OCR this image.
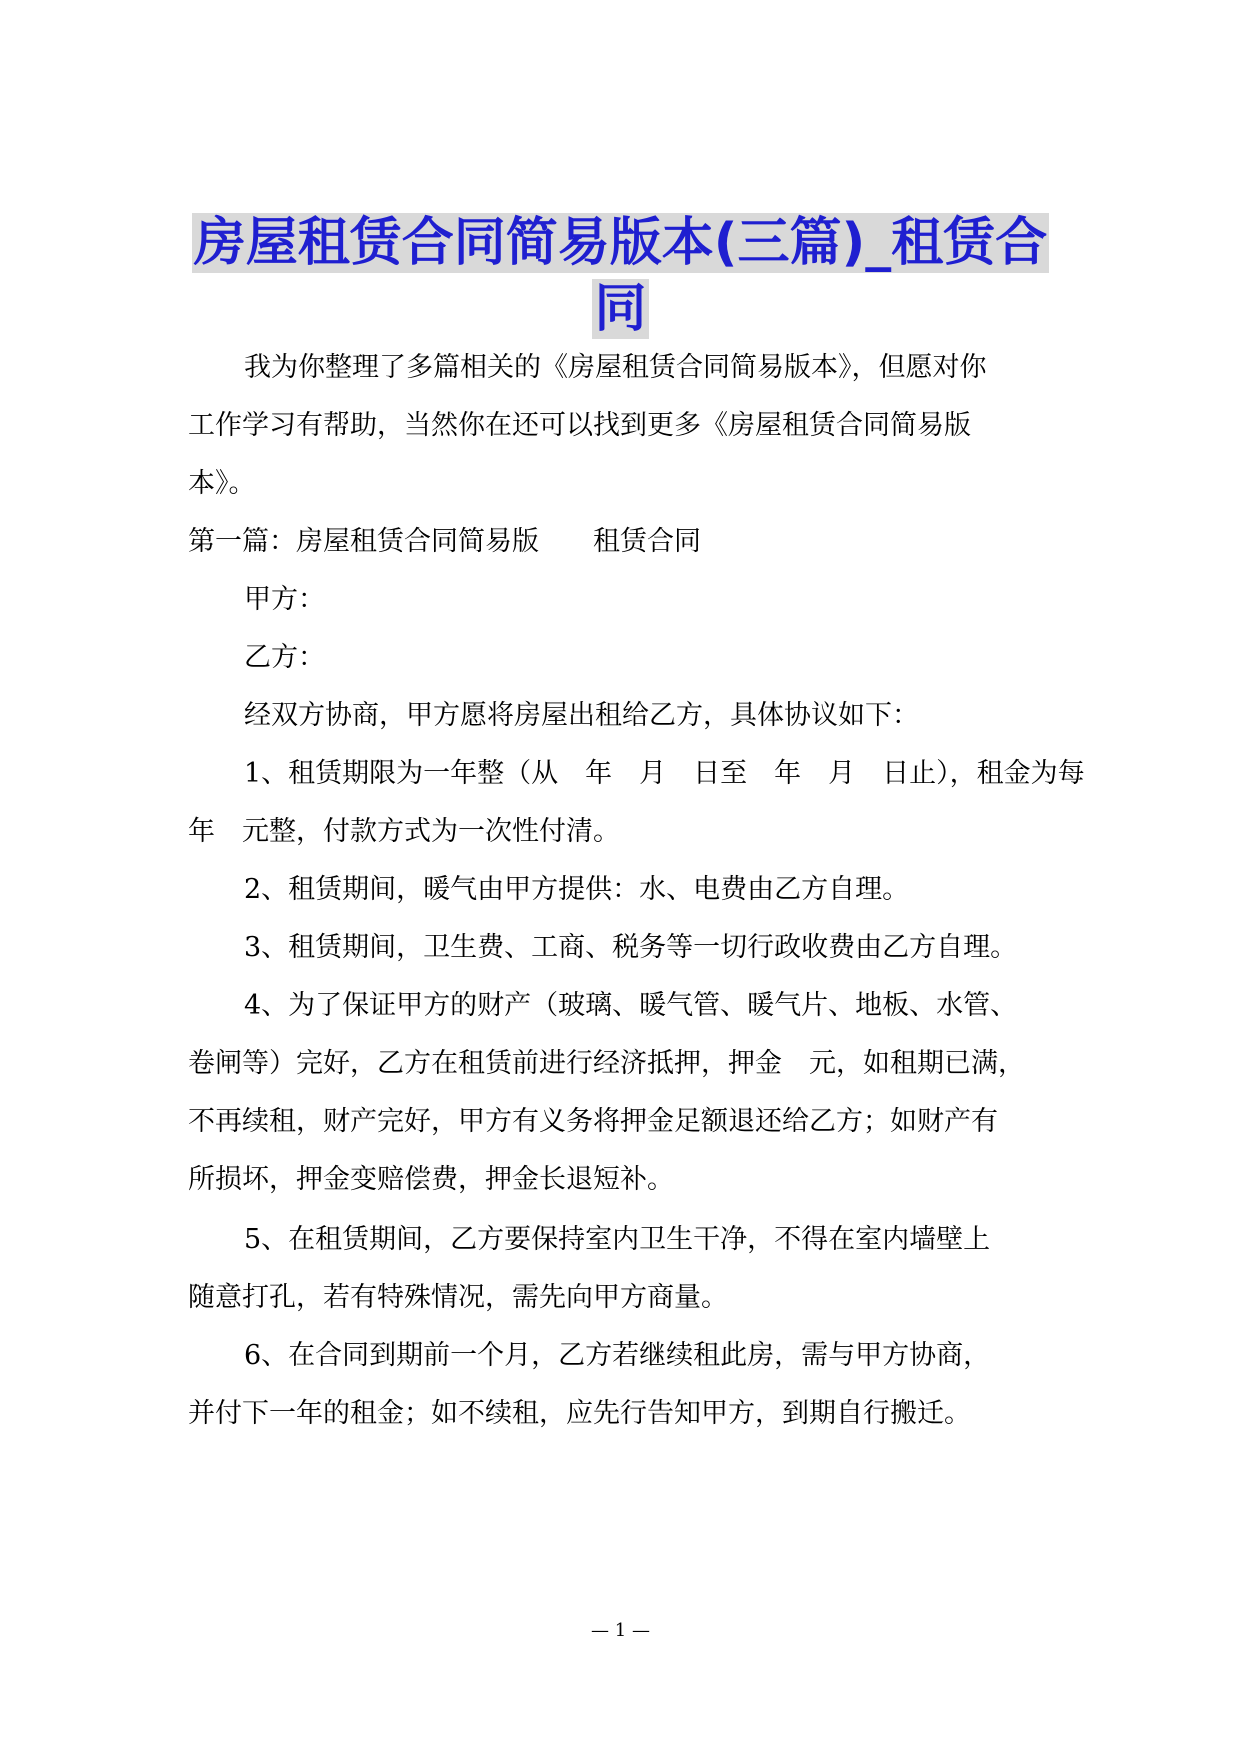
房屋租赁合同简易版本(三篇)_租赁合
同

我为你整理了多篇相关的《房屋租赁合同简易版本》，但愿对你

工作学习有帮助，当然你在还可以找到更多《房屋租赁合同简易版

本》。

第一篇：房屋租赁合同简易版　　租赁合同

甲方：

乙方：

经双方协商，甲方愿将房屋出租给乙方，具体协议如下：

1、租赁期限为一年整（从　年　月　日至　年　月　日止），租金为每

年　元整，付款方式为一次性付清。

2、租赁期间，暖气由甲方提供：水、电费由乙方自理。

3、租赁期间，卫生费、工商、税务等一切行政收费由乙方自理。

4、为了保证甲方的财产（玻璃、暖气管、暖气片、地板、水管、

卷闸等）完好，乙方在租赁前进行经济抵押，押金　元，如租期已满，

不再续租，财产完好，甲方有义务将押金足额退还给乙方；如财产有

所损坏，押金变赔偿费，押金长退短补。

5、在租赁期间，乙方要保持室内卫生干净，不得在室内墙壁上

随意打孔，若有特殊情况，需先向甲方商量。

6、在合同到期前一个月，乙方若继续租此房，需与甲方协商，

并付下一年的租金；如不续租，应先行告知甲方，到期自行搬迁。

— 1 —
